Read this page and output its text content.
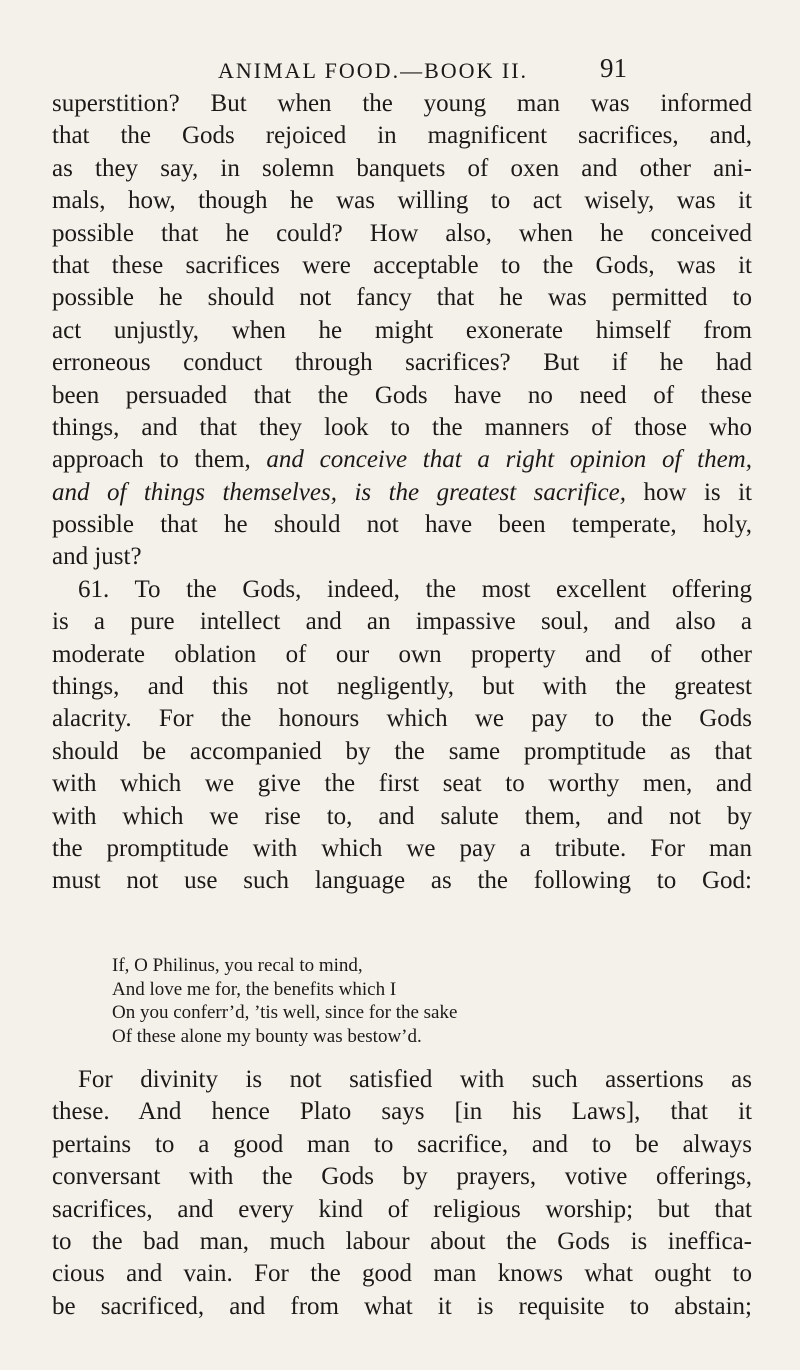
ANIMAL FOOD.—BOOK II.	91
superstition? But when the young man was informed
that the Gods rejoiced in magnificent sacrifices, and,
as they say, in solemn banquets of oxen and other ani-
mals, how, though he was willing to act wisely, was it
possible that he could? How also, when he conceived
that these sacrifices were acceptable to the Gods, was it
possible he should not fancy that he was permitted to
act unjustly, when he might exonerate himself from
erroneous conduct through sacrifices? But if he had
been persuaded that the Gods have no need of these
things, and that they look to the manners of those who
approach to them, and conceive that a right opinion of them,
and of things themselves, is the greatest sacrifice, how is it
possible that he should not have been temperate, holy,
and just?
61. To the Gods, indeed, the most excellent offering
is a pure intellect and an impassive soul, and also a
moderate oblation of our own property and of other
things, and this not negligently, but with the greatest
alacrity. For the honours which we pay to the Gods
should be accompanied by the same promptitude as that
with which we give the first seat to worthy men, and
with which we rise to, and salute them, and not by
the promptitude with which we pay a tribute. For man
must not use such language as the following to God:
If, O Philinus, you recal to mind,
And love me for, the benefits which I
On you conferr’d, ’tis well, since for the sake
Of these alone my bounty was bestow’d.
For divinity is not satisfied with such assertions as
these. And hence Plato says [in his Laws], that it
pertains to a good man to sacrifice, and to be always
conversant with the Gods by prayers, votive offerings,
sacrifices, and every kind of religious worship; but that
to the bad man, much labour about the Gods is ineffica-
cious and vain. For the good man knows what ought to
be sacrificed, and from what it is requisite to abstain;
